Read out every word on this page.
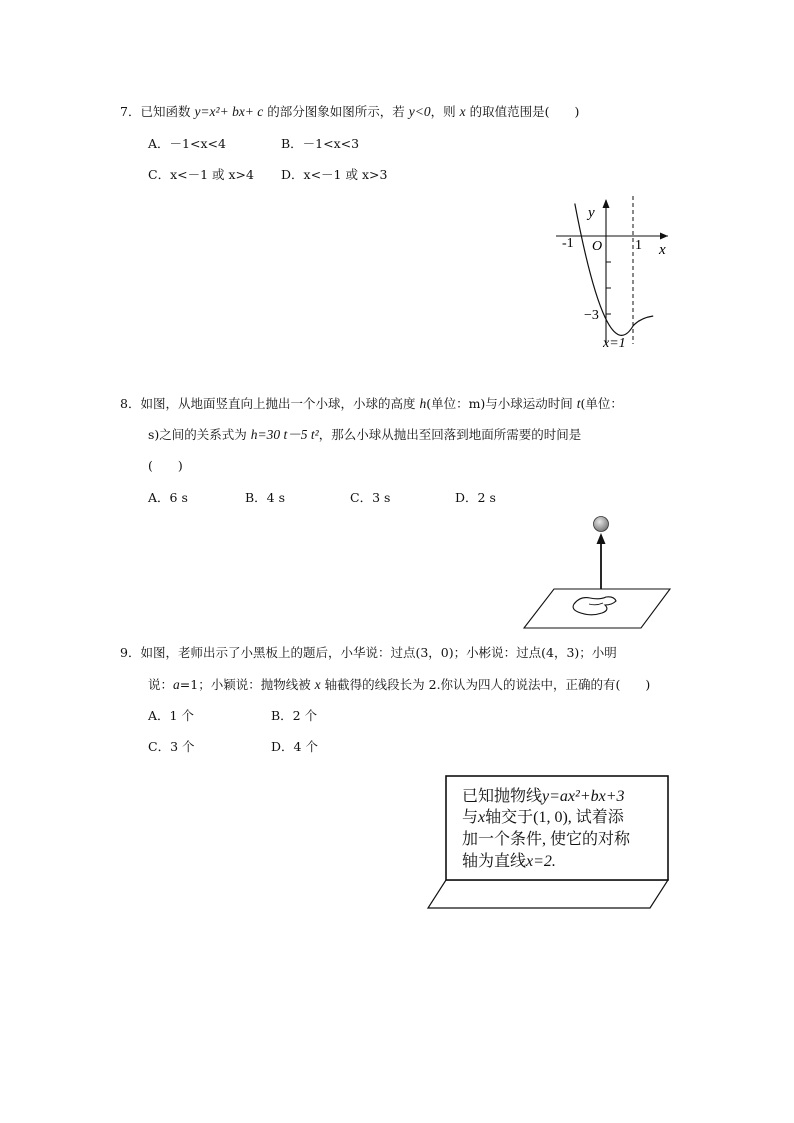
7．已知函数 y=x²+ bx+ c 的部分图象如图所示，若 y<0，则 x 的取值范围是(　　)
A．－1<x<4	B．－1<x<3
C．x<－1 或 x>4 D．x<－1 或 x>3
y
x
O
-1	1
−3
x=1
8．如图，从地面竖直向上抛出一个小球，小球的高度 h(单位：m)与小球运动时间 t(单位：
s)之间的关系式为 h=30 t－5 t²，那么小球从抛出至回落到地面所需要的时间是
(　　)
A．6 s	B．4 s	C．3 s	D．2 s
9．如图，老师出示了小黑板上的题后，小华说：过点(3，0)；小彬说：过点(4，3)；小明
说：a=1；小颖说：抛物线被 x 轴截得的线段长为 2.你认为四人的说法中，正确的有(　　)
A．1 个	B．2 个
C．3 个	D．4 个
已知抛物线y=ax²+bx+3
与x轴交于(1, 0), 试着添
加一个条件, 使它的对称
轴为直线x=2.
